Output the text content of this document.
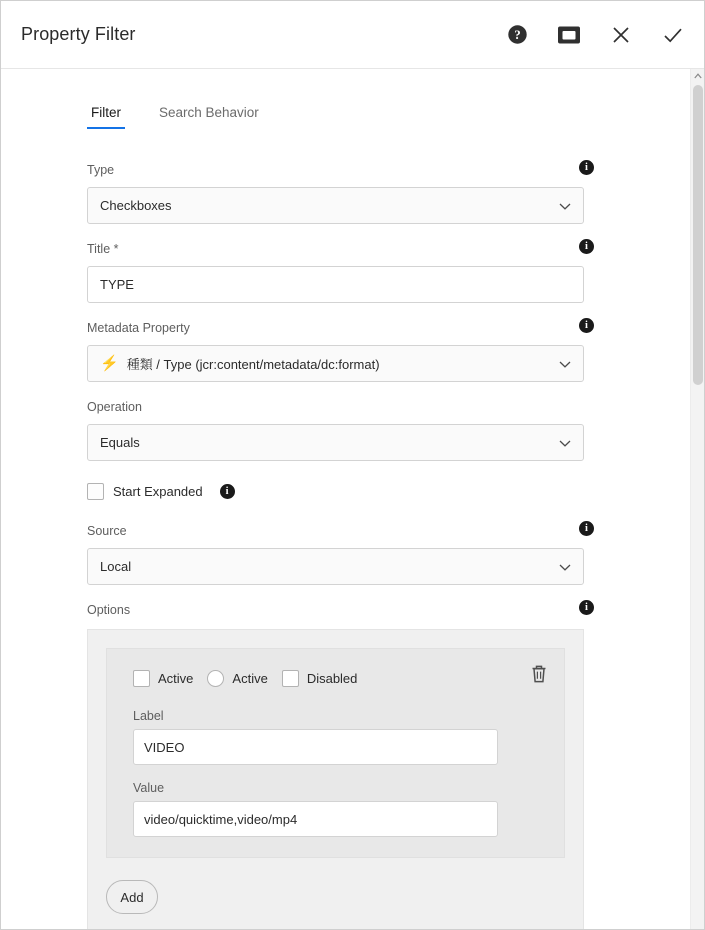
Property Filter	?
Filter	Search Behavior
Type	i
Checkboxes
Title *	i
TYPE
Metadata Property	i
⚡ 種類 / Type (jcr:content/metadata/dc:format)
Operation
Equals
Start Expanded	i
Source	i
Local
Options	i
Active	Active	Disabled
Label
VIDEO
Value
video/quicktime,video/mp4
Add
